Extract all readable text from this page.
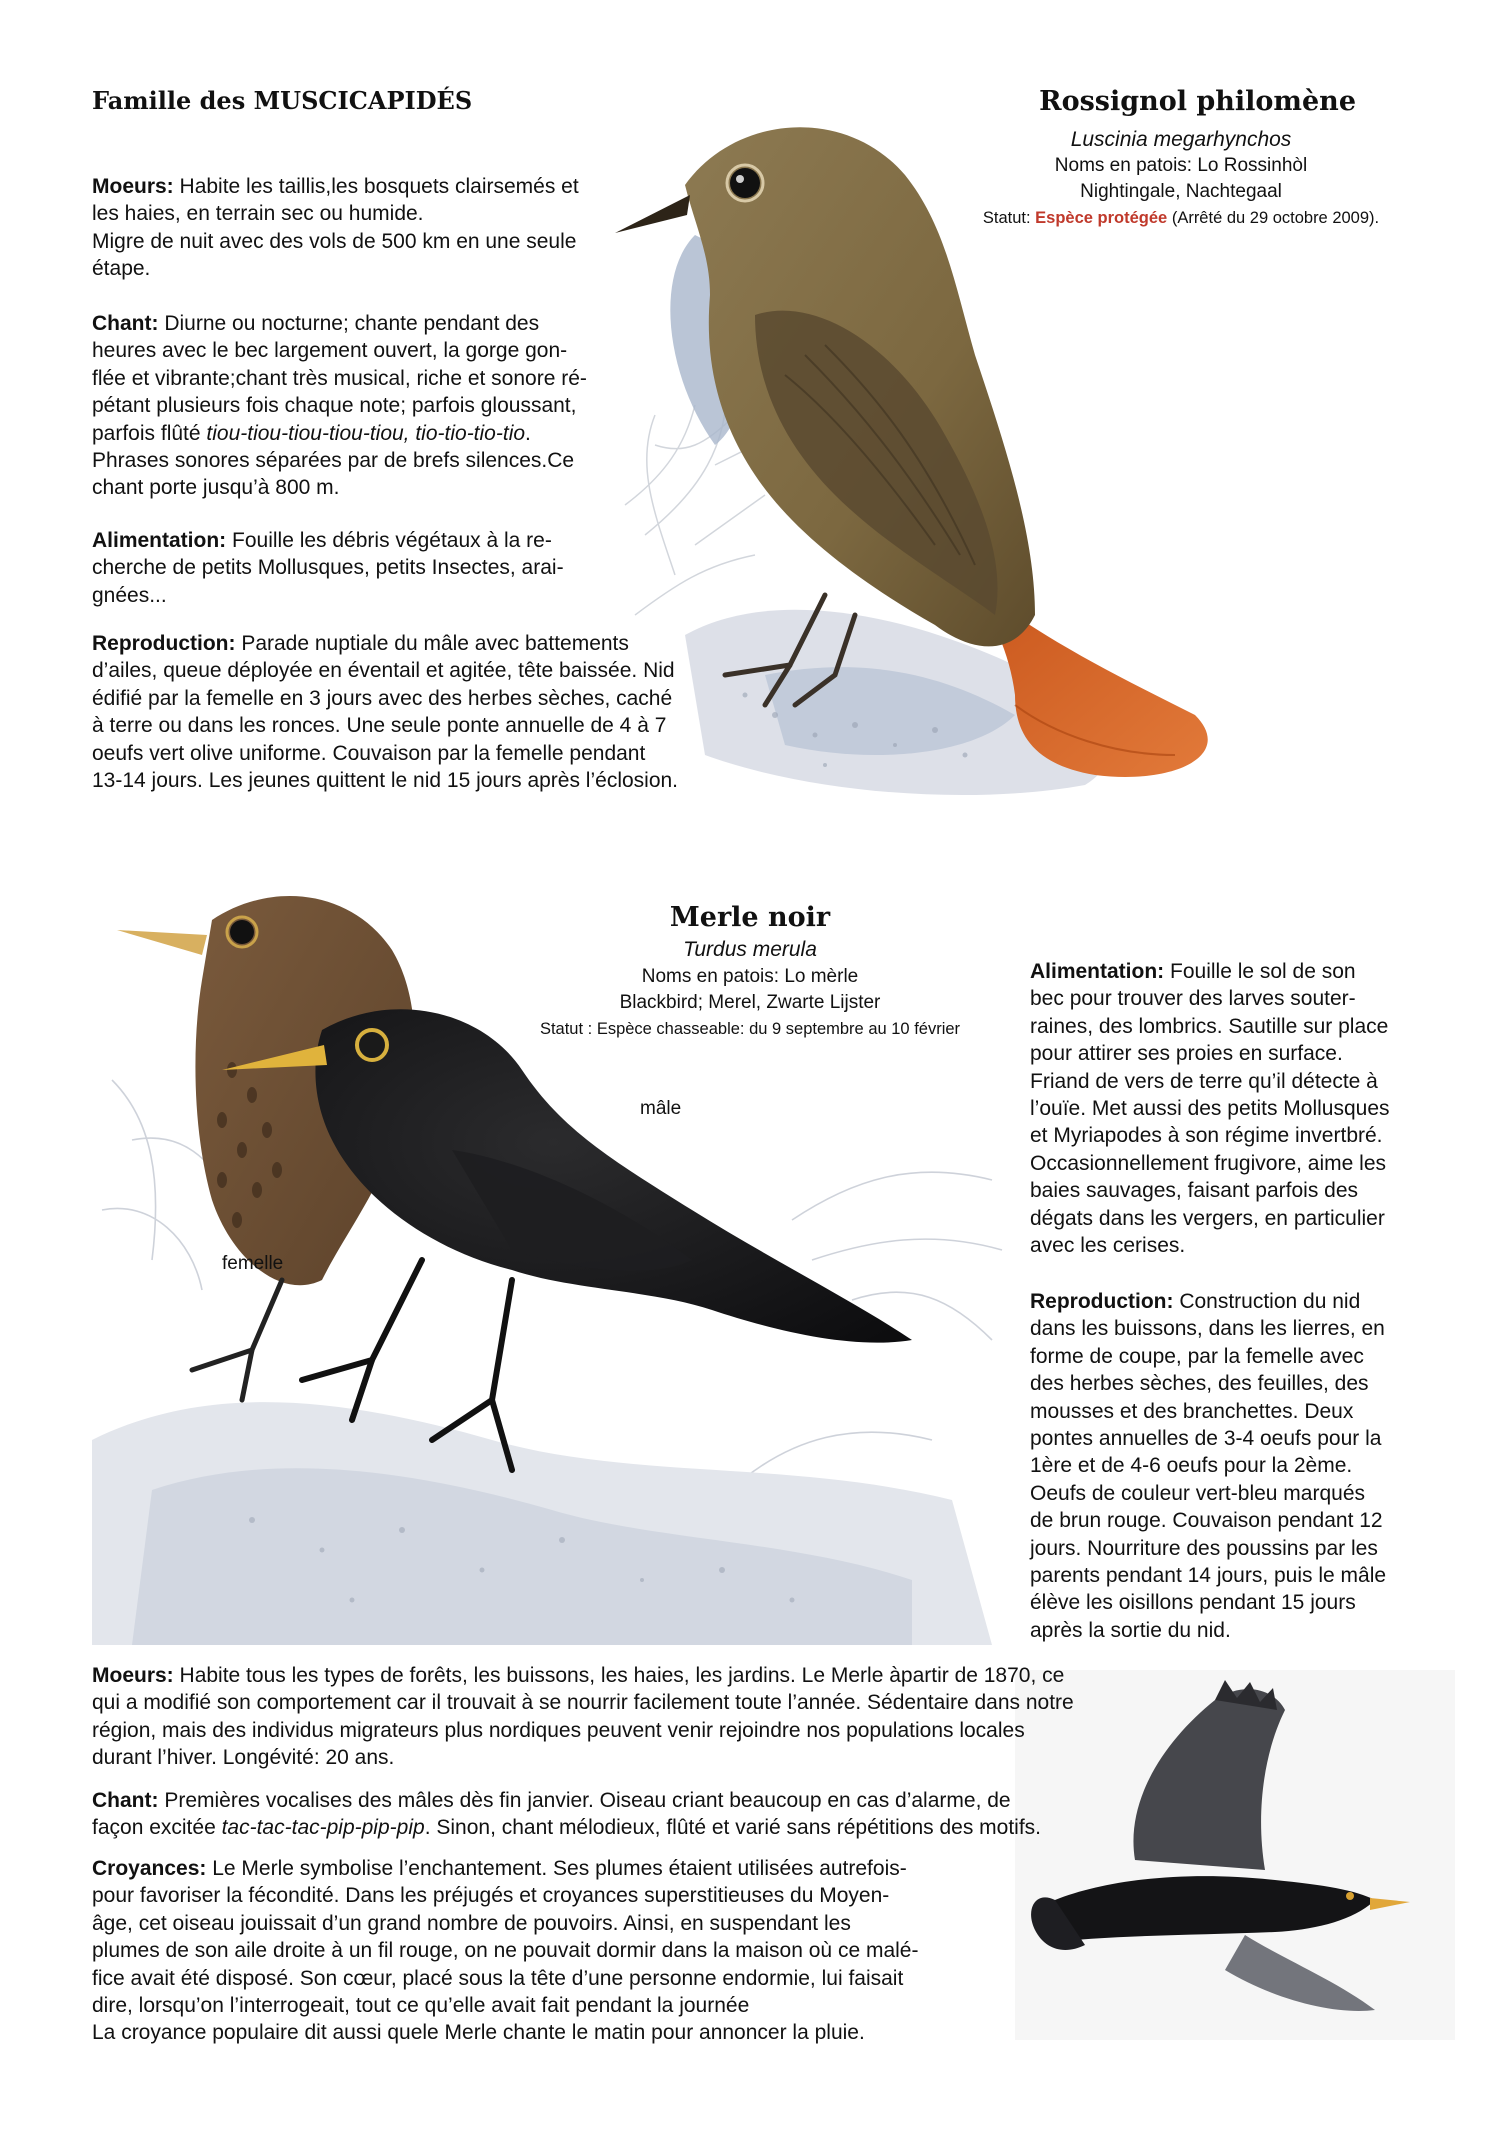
Famille des MUSCICAPIDÉS	Rossignol philomène
Luscinia megarhynchos
Noms en patois: Lo Rossinhòl
Nightingale, Nachtegaal
Statut: Espèce protégée (Arrêté du 29 octobre 2009).

Moeurs: Habite les taillis,les bosquets clairsemés et
les haies, en terrain sec ou humide.
Migre de nuit avec des vols de 500 km en une seule
étape.

Chant: Diurne ou nocturne; chante pendant des
heures avec le bec largement ouvert, la gorge gon-
flée et vibrante;chant très musical, riche et sonore ré-
pétant plusieurs fois chaque note; parfois gloussant,
parfois flûté tiou-tiou-tiou-tiou-tiou, tio-tio-tio-tio.
Phrases sonores séparées par de brefs silences.Ce
chant porte jusqu’à 800 m.

Alimentation: Fouille les débris végétaux à la re-
cherche de petits Mollusques, petits Insectes, arai-
gnées...

Reproduction: Parade nuptiale du mâle avec battements
d’ailes, queue déployée en éventail et agitée, tête baissée. Nid
édifié par la femelle en 3 jours avec des herbes sèches, caché
à terre ou dans les ronces. Une seule ponte annuelle de 4 à 7
oeufs vert olive uniforme. Couvaison par la femelle pendant
13-14 jours. Les jeunes quittent le nid 15 jours après l’éclosion.

Merle noir
Turdus merula
Noms en patois: Lo mèrle
Blackbird; Merel, Zwarte Lijster
Statut : Espèce chasseable: du 9 septembre au 10 février
mâle
femelle

Alimentation: Fouille le sol de son
bec pour trouver des larves souter-
raines, des lombrics. Sautille sur place
pour attirer ses proies en surface.
Friand de vers de terre qu’il détecte à
l’ouïe. Met aussi des petits Mollusques
et Myriapodes à son régime invertbré.
Occasionnellement frugivore, aime les
baies sauvages, faisant parfois des
dégats dans les vergers, en particulier
avec les cerises.

Reproduction: Construction du nid
dans les buissons, dans les lierres, en
forme de coupe, par la femelle avec
des herbes sèches, des feuilles, des
mousses et des branchettes. Deux
pontes annuelles de 3-4 oeufs pour la
1ère et de 4-6 oeufs pour la 2ème.
Oeufs de couleur vert-bleu marqués
de brun rouge. Couvaison pendant 12
jours. Nourriture des poussins par les
parents pendant 14 jours, puis le mâle
élève les oisillons pendant 15 jours
après la sortie du nid.

Moeurs: Habite tous les types de forêts, les buissons, les haies, les jardins. Le Merle àpartir de 1870, ce
qui a modifié son comportement car il trouvait à se nourrir facilement toute l’année. Sédentaire dans notre
région, mais des individus migrateurs plus nordiques peuvent venir rejoindre nos populations locales
durant l’hiver. Longévité: 20 ans.

Chant: Premières vocalises des mâles dès fin janvier. Oiseau criant beaucoup en cas d’alarme, de
façon excitée tac-tac-tac-pip-pip-pip. Sinon, chant mélodieux, flûté et varié sans répétitions des motifs.

Croyances: Le Merle symbolise l’enchantement. Ses plumes étaient utilisées autrefois-
pour favoriser la fécondité. Dans les préjugés et croyances superstitieuses du Moyen-
âge, cet oiseau jouissait d’un grand nombre de pouvoirs. Ainsi, en suspendant les
plumes de son aile droite à un fil rouge, on ne pouvait dormir dans la maison où ce malé-
fice avait été disposé. Son cœur, placé sous la tête d’une personne endormie, lui faisait
dire, lorsqu’on l’interrogeait, tout ce qu’elle avait fait pendant la journée
La croyance populaire dit aussi quele Merle chante le matin pour annoncer la pluie.
